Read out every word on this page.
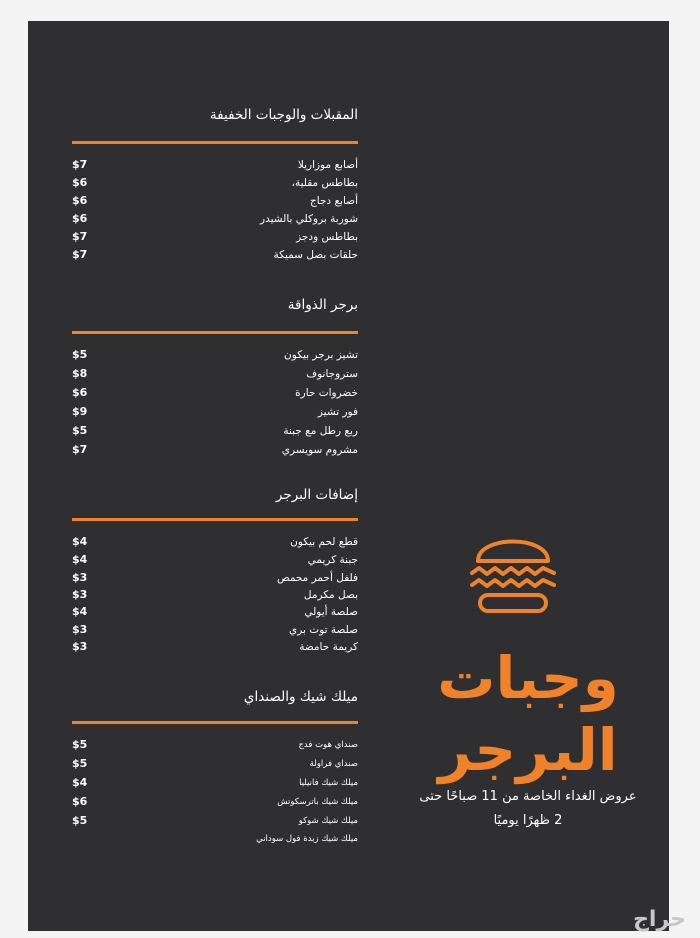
المقبلات والوجبات الخفيفة
$7	أصابع موزاريلا
$6	بطاطس مقلية،
$6	أصابع دجاج
$6	شوربة بروكلي بالشيدر
$7	بطاطس ودجز
$7	حلقات بصل سميكة
برجر الذواقة
$5	تشيز برجر بيكون
$8	ستروجانوف
$6	خضروات حارة
$9	فور تشيز
$5	ربع رطل مع جبنة
$7	مشروم سويسري
إضافات البرجر
$4	قطع لحم بيكون
$4	جبنة كريمي
$3	فلفل أحمر محمص
$3	بصل مكرمل
$4	صلصة أيولي
$3	صلصة توت بري
$3	كريمة حامضة
ميلك شيك والصنداي
$5	صنداي هوت فدج
$5	صنداي فراولة
$4	ميلك شيك فانيليا
$6	ميلك شيك باترسكوتش
$5	ميلك شيك شوكو
ميلك شيك زبدة فول سوداني
وجبات
البرجر
عروض الغداء الخاصة من 11 صباحًا حتى
2 ظهرًا يوميًا
حراج
